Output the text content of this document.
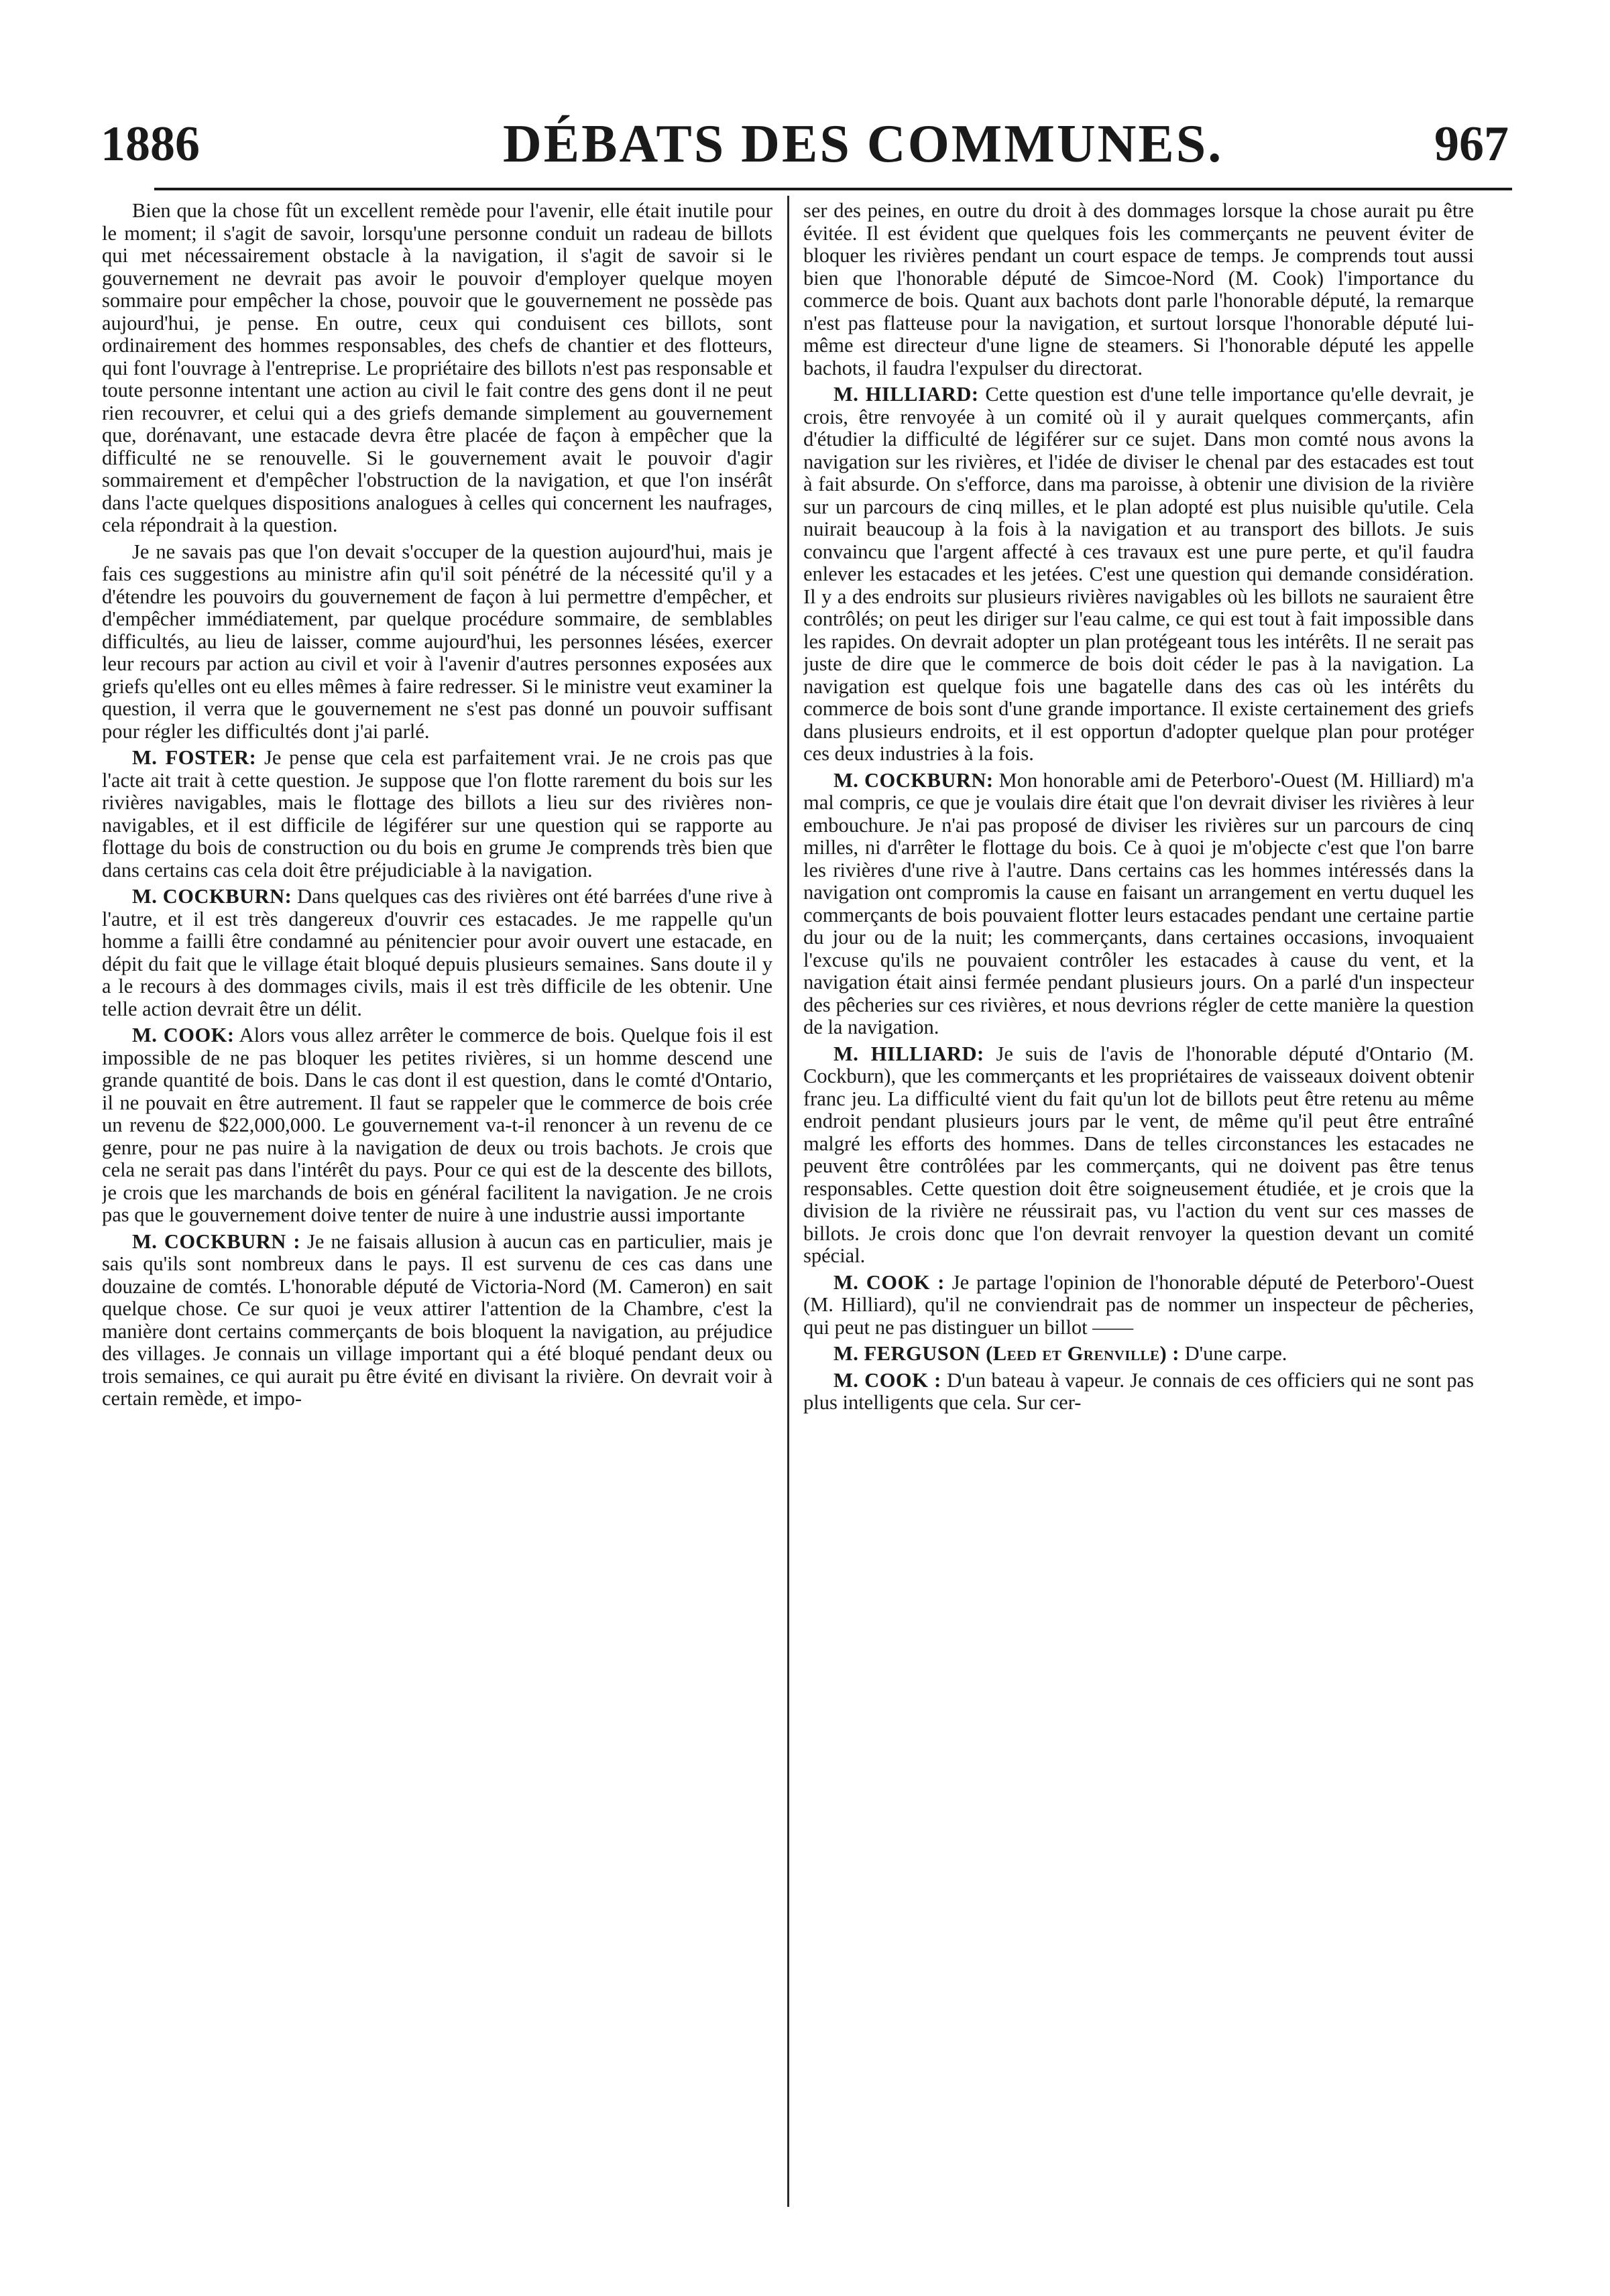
1886	DÉBATS DES COMMUNES.	967

Bien que la chose fût un excellent remède pour l'avenir, elle était inutile pour le moment; il s'agit de savoir, lorsqu'une personne conduit un radeau de billots qui met nécessairement obstacle à la navigation, il s'agit de savoir si le gouvernement ne devrait pas avoir le pouvoir d'employer quelque moyen sommaire pour empêcher la chose, pouvoir que le gouvernement ne possède pas aujourd'hui, je pense. En outre, ceux qui conduisent ces billots, sont ordinairement des hommes responsables, des chefs de chantier et des flotteurs, qui font l'ouvrage à l'entreprise. Le propriétaire des billots n'est pas responsable et toute personne intentant une action au civil le fait contre des gens dont il ne peut rien recouvrer, et celui qui a des griefs demande simplement au gouvernement que, dorénavant, une estacade devra être placée de façon à empêcher que la difficulté ne se renouvelle. Si le gouvernement avait le pouvoir d'agir sommairement et d'empêcher l'obstruction de la navigation, et que l'on insérât dans l'acte quelques dispositions analogues à celles qui concernent les naufrages, cela répondrait à la question.

Je ne savais pas que l'on devait s'occuper de la question aujourd'hui, mais je fais ces suggestions au ministre afin qu'il soit pénétré de la nécessité qu'il y a d'étendre les pouvoirs du gouvernement de façon à lui permettre d'empêcher, et d'empêcher immédiatement, par quelque procédure sommaire, de semblables difficultés, au lieu de laisser, comme aujourd'hui, les personnes lésées, exercer leur recours par action au civil et voir à l'avenir d'autres personnes exposées aux griefs qu'elles ont eu elles mêmes à faire redresser. Si le ministre veut examiner la question, il verra que le gouvernement ne s'est pas donné un pouvoir suffisant pour régler les difficultés dont j'ai parlé.

M. FOSTER: Je pense que cela est parfaitement vrai. Je ne crois pas que l'acte ait trait à cette question. Je suppose que l'on flotte rarement du bois sur les rivières navigables, mais le flottage des billots a lieu sur des rivières non-navigables, et il est difficile de légiférer sur une question qui se rapporte au flottage du bois de construction ou du bois en grume Je comprends très bien que dans certains cas cela doit être préjudiciable à la navigation.

M. COCKBURN: Dans quelques cas des rivières ont été barrées d'une rive à l'autre, et il est très dangereux d'ouvrir ces estacades. Je me rappelle qu'un homme a failli être condamné au pénitencier pour avoir ouvert une estacade, en dépit du fait que le village était bloqué depuis plusieurs semaines. Sans doute il y a le recours à des dommages civils, mais il est très difficile de les obtenir. Une telle action devrait être un délit.

M. COOK: Alors vous allez arrêter le commerce de bois. Quelque fois il est impossible de ne pas bloquer les petites rivières, si un homme descend une grande quantité de bois. Dans le cas dont il est question, dans le comté d'Ontario, il ne pouvait en être autrement. Il faut se rappeler que le commerce de bois crée un revenu de $22,000,000. Le gouvernement va-t-il renoncer à un revenu de ce genre, pour ne pas nuire à la navigation de deux ou trois bachots. Je crois que cela ne serait pas dans l'intérêt du pays. Pour ce qui est de la descente des billots, je crois que les marchands de bois en général facilitent la navigation. Je ne crois pas que le gouvernement doive tenter de nuire à une industrie aussi importante

M. COCKBURN : Je ne faisais allusion à aucun cas en particulier, mais je sais qu'ils sont nombreux dans le pays. Il est survenu de ces cas dans une douzaine de comtés. L'honorable député de Victoria-Nord (M. Cameron) en sait quelque chose. Ce sur quoi je veux attirer l'attention de la Chambre, c'est la manière dont certains commerçants de bois bloquent la navigation, au préjudice des villages. Je connais un village important qui a été bloqué pendant deux ou trois semaines, ce qui aurait pu être évité en divisant la rivière. On devrait voir à certain remède, et impo-

ser des peines, en outre du droit à des dommages lorsque la chose aurait pu être évitée. Il est évident que quelques fois les commerçants ne peuvent éviter de bloquer les rivières pendant un court espace de temps. Je comprends tout aussi bien que l'honorable député de Simcoe-Nord (M. Cook) l'importance du commerce de bois. Quant aux bachots dont parle l'honorable député, la remarque n'est pas flatteuse pour la navigation, et surtout lorsque l'honorable député lui-même est directeur d'une ligne de steamers. Si l'honorable député les appelle bachots, il faudra l'expulser du directorat.

M. HILLIARD: Cette question est d'une telle importance qu'elle devrait, je crois, être renvoyée à un comité où il y aurait quelques commerçants, afin d'étudier la difficulté de légiférer sur ce sujet. Dans mon comté nous avons la navigation sur les rivières, et l'idée de diviser le chenal par des estacades est tout à fait absurde. On s'efforce, dans ma paroisse, à obtenir une division de la rivière sur un parcours de cinq milles, et le plan adopté est plus nuisible qu'utile. Cela nuirait beaucoup à la fois à la navigation et au transport des billots. Je suis convaincu que l'argent affecté à ces travaux est une pure perte, et qu'il faudra enlever les estacades et les jetées. C'est une question qui demande considération. Il y a des endroits sur plusieurs rivières navigables où les billots ne sauraient être contrôlés; on peut les diriger sur l'eau calme, ce qui est tout à fait impossible dans les rapides. On devrait adopter un plan protégeant tous les intérêts. Il ne serait pas juste de dire que le commerce de bois doit céder le pas à la navigation. La navigation est quelque fois une bagatelle dans des cas où les intérêts du commerce de bois sont d'une grande importance. Il existe certainement des griefs dans plusieurs endroits, et il est opportun d'adopter quelque plan pour protéger ces deux industries à la fois.

M. COCKBURN: Mon honorable ami de Peterboro'-Ouest (M. Hilliard) m'a mal compris, ce que je voulais dire était que l'on devrait diviser les rivières à leur embouchure. Je n'ai pas proposé de diviser les rivières sur un parcours de cinq milles, ni d'arrêter le flottage du bois. Ce à quoi je m'objecte c'est que l'on barre les rivières d'une rive à l'autre. Dans certains cas les hommes intéressés dans la navigation ont compromis la cause en faisant un arrangement en vertu duquel les commerçants de bois pouvaient flotter leurs estacades pendant une certaine partie du jour ou de la nuit; les commerçants, dans certaines occasions, invoquaient l'excuse qu'ils ne pouvaient contrôler les estacades à cause du vent, et la navigation était ainsi fermée pendant plusieurs jours. On a parlé d'un inspecteur des pêcheries sur ces rivières, et nous devrions régler de cette manière la question de la navigation.

M. HILLIARD: Je suis de l'avis de l'honorable député d'Ontario (M. Cockburn), que les commerçants et les propriétaires de vaisseaux doivent obtenir franc jeu. La difficulté vient du fait qu'un lot de billots peut être retenu au même endroit pendant plusieurs jours par le vent, de même qu'il peut être entraîné malgré les efforts des hommes. Dans de telles circonstances les estacades ne peuvent être contrôlées par les commerçants, qui ne doivent pas être tenus responsables. Cette question doit être soigneusement étudiée, et je crois que la division de la rivière ne réussirait pas, vu l'action du vent sur ces masses de billots. Je crois donc que l'on devrait renvoyer la question devant un comité spécial.

M. COOK : Je partage l'opinion de l'honorable député de Peterboro'-Ouest (M. Hilliard), qu'il ne conviendrait pas de nommer un inspecteur de pêcheries, qui peut ne pas distinguer un billot ——

M. FERGUSON (Leed et Grenville) : D'une carpe.

M. COOK : D'un bateau à vapeur. Je connais de ces officiers qui ne sont pas plus intelligents que cela. Sur cer-
